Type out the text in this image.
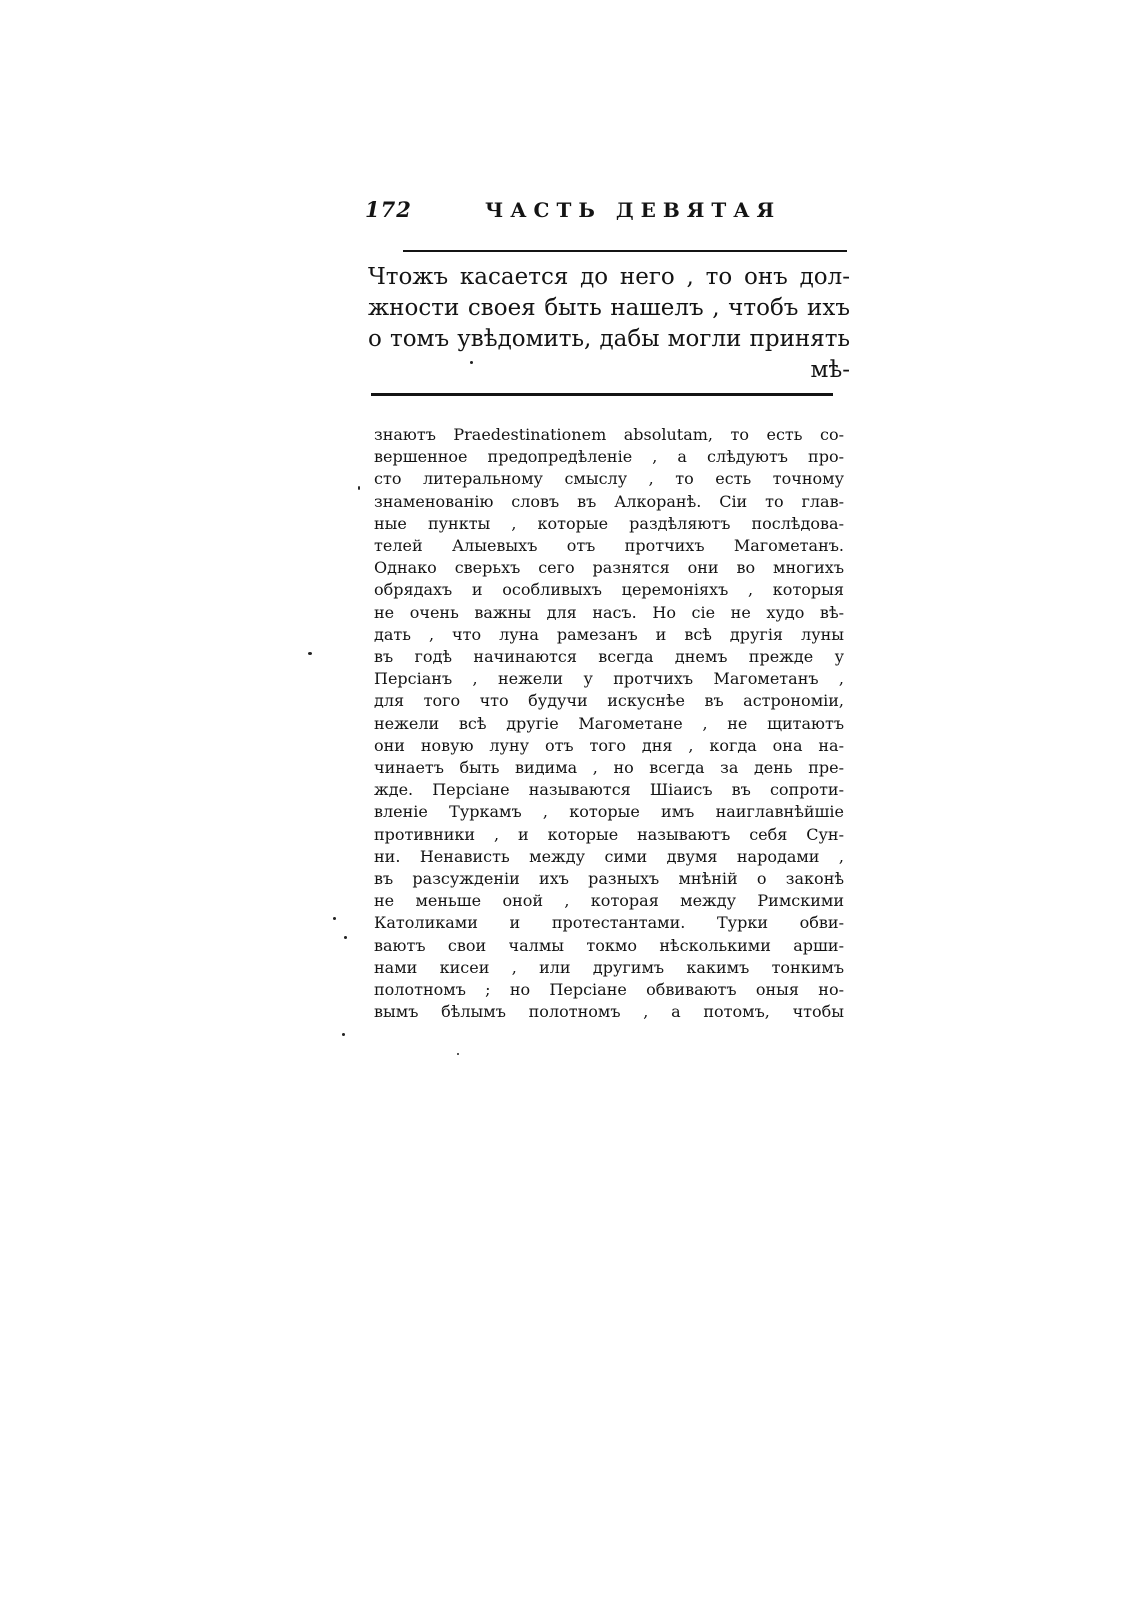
172	ЧАСТЬ ДЕВЯТАЯ
Чтожъ касается до него , то онъ дол-
жности своея быть нашелъ , чтобъ ихъ
о томъ увѣдомить, дабы могли принять
мѣ-
знаютъ Praedestinationem absolutam, то есть со-
вершенное предопредѣленіе , а слѣдуютъ про-
сто литеральному смыслу , то есть точному
знаменованію словъ въ Алкоранѣ. Сіи то глав-
ные пункты , которые раздѣляютъ послѣдова-
телей Алыевыхъ отъ протчихъ Магометанъ.
Однако сверьхъ сего разнятся они во многихъ
обрядахъ и особливыхъ церемоніяхъ , которыя
не очень важны для насъ. Но сіе не худо вѣ-
дать , что луна рамезанъ и всѣ другія луны
въ годѣ начинаются всегда днемъ прежде у
Персіанъ , нежели у протчихъ Магометанъ ,
для того что будучи искуснѣе въ астрономіи,
нежели всѣ другіе Магометане , не щитаютъ
они новую луну отъ того дня , когда она на-
чинаетъ быть видима , но всегда за день пре-
жде. Персіане называются Шіаисъ въ сопроти-
вленіе Туркамъ , которые имъ наиглавнѣйшіе
противники , и которые называютъ себя Сун-
ни. Ненависть между сими двумя народами ,
въ разсужденіи ихъ разныхъ мнѣній о законѣ
не меньше оной , которая между Римскими
Католиками и протестантами. Турки обви-
ваютъ свои чалмы токмо нѣсколькими арши-
нами кисеи , или другимъ какимъ тонкимъ
полотномъ ; но Персіане обвиваютъ оныя но-
вымъ бѣлымъ полотномъ , а потомъ, чтобы
